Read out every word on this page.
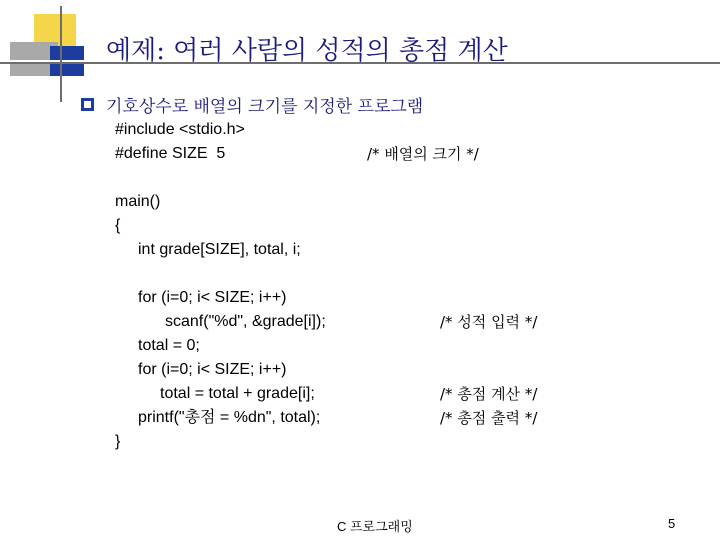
예제: 여러 사람의 성적의 총점 계산
기호상수로 배열의 크기를 지정한 프로그램
#include <stdio.h>
#define SIZE  5	/* 배열의 크기 */
main()
{
int grade[SIZE], total, i;
for (i=0; i< SIZE; i++)
scanf("%d", &grade[i]);	/* 성적 입력 */
total = 0;
for (i=0; i< SIZE; i++)
total = total + grade[i];	/* 총점 계산 */
printf("총점 = %dn", total);	/* 총점 출력 */
}
C 프로그래밍	5
